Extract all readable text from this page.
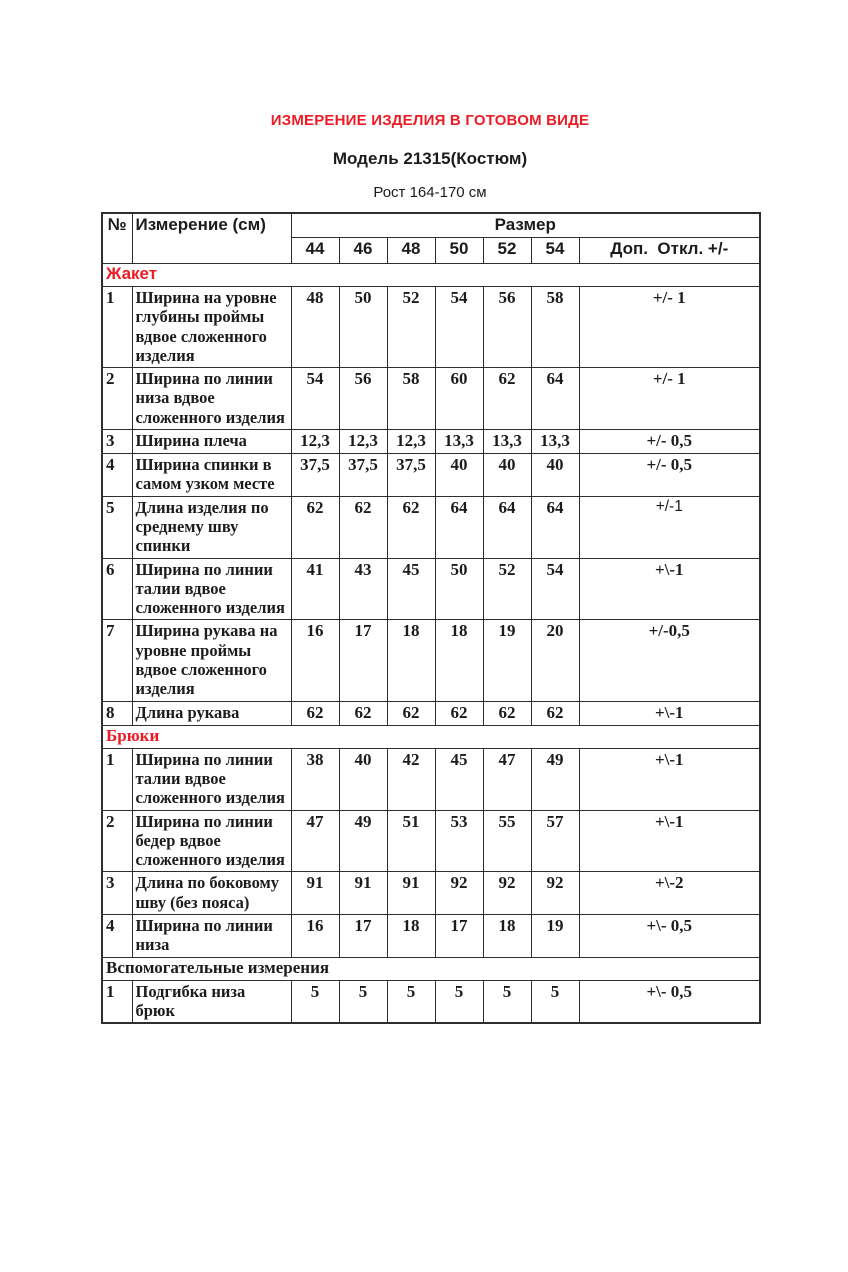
ИЗМЕРЕНИЕ ИЗДЕЛИЯ В ГОТОВОМ ВИДЕ
Модель 21315(Костюм)
Рост 164-170 см
№	Измерение (см)	Размер						
		44	46	48	50	52	54	Доп.  Откл. +/-
Жакет								
1	Ширина на уровне глубины проймы вдвое сложенного изделия	48	50	52	54	56	58	+/- 1
2	Ширина по линии низа вдвое сложенного изделия	54	56	58	60	62	64	+/- 1
3	Ширина плеча	12,3	12,3	12,3	13,3	13,3	13,3	+/- 0,5
4	Ширина спинки в самом узком месте	37,5	37,5	37,5	40	40	40	+/- 0,5
5	Длина изделия по среднему шву спинки	62	62	62	64	64	64	+/-1
6	Ширина по линии талии вдвое сложенного изделия	41	43	45	50	52	54	+\-1
7	Ширина рукава на уровне проймы вдвое сложенного изделия	16	17	18	18	19	20	+/-0,5
8	Длина рукава	62	62	62	62	62	62	+\-1
Брюки								
1	Ширина по линии талии вдвое сложенного изделия	38	40	42	45	47	49	+\-1
2	Ширина по линии бедер вдвое сложенного изделия	47	49	51	53	55	57	+\-1
3	Длина по боковому шву (без пояса)	91	91	91	92	92	92	+\-2
4	Ширина по линии низа	16	17	18	17	18	19	+\- 0,5
Вспомогательные измерения								
1	Подгибка низа брюк	5	5	5	5	5	5	+\- 0,5
